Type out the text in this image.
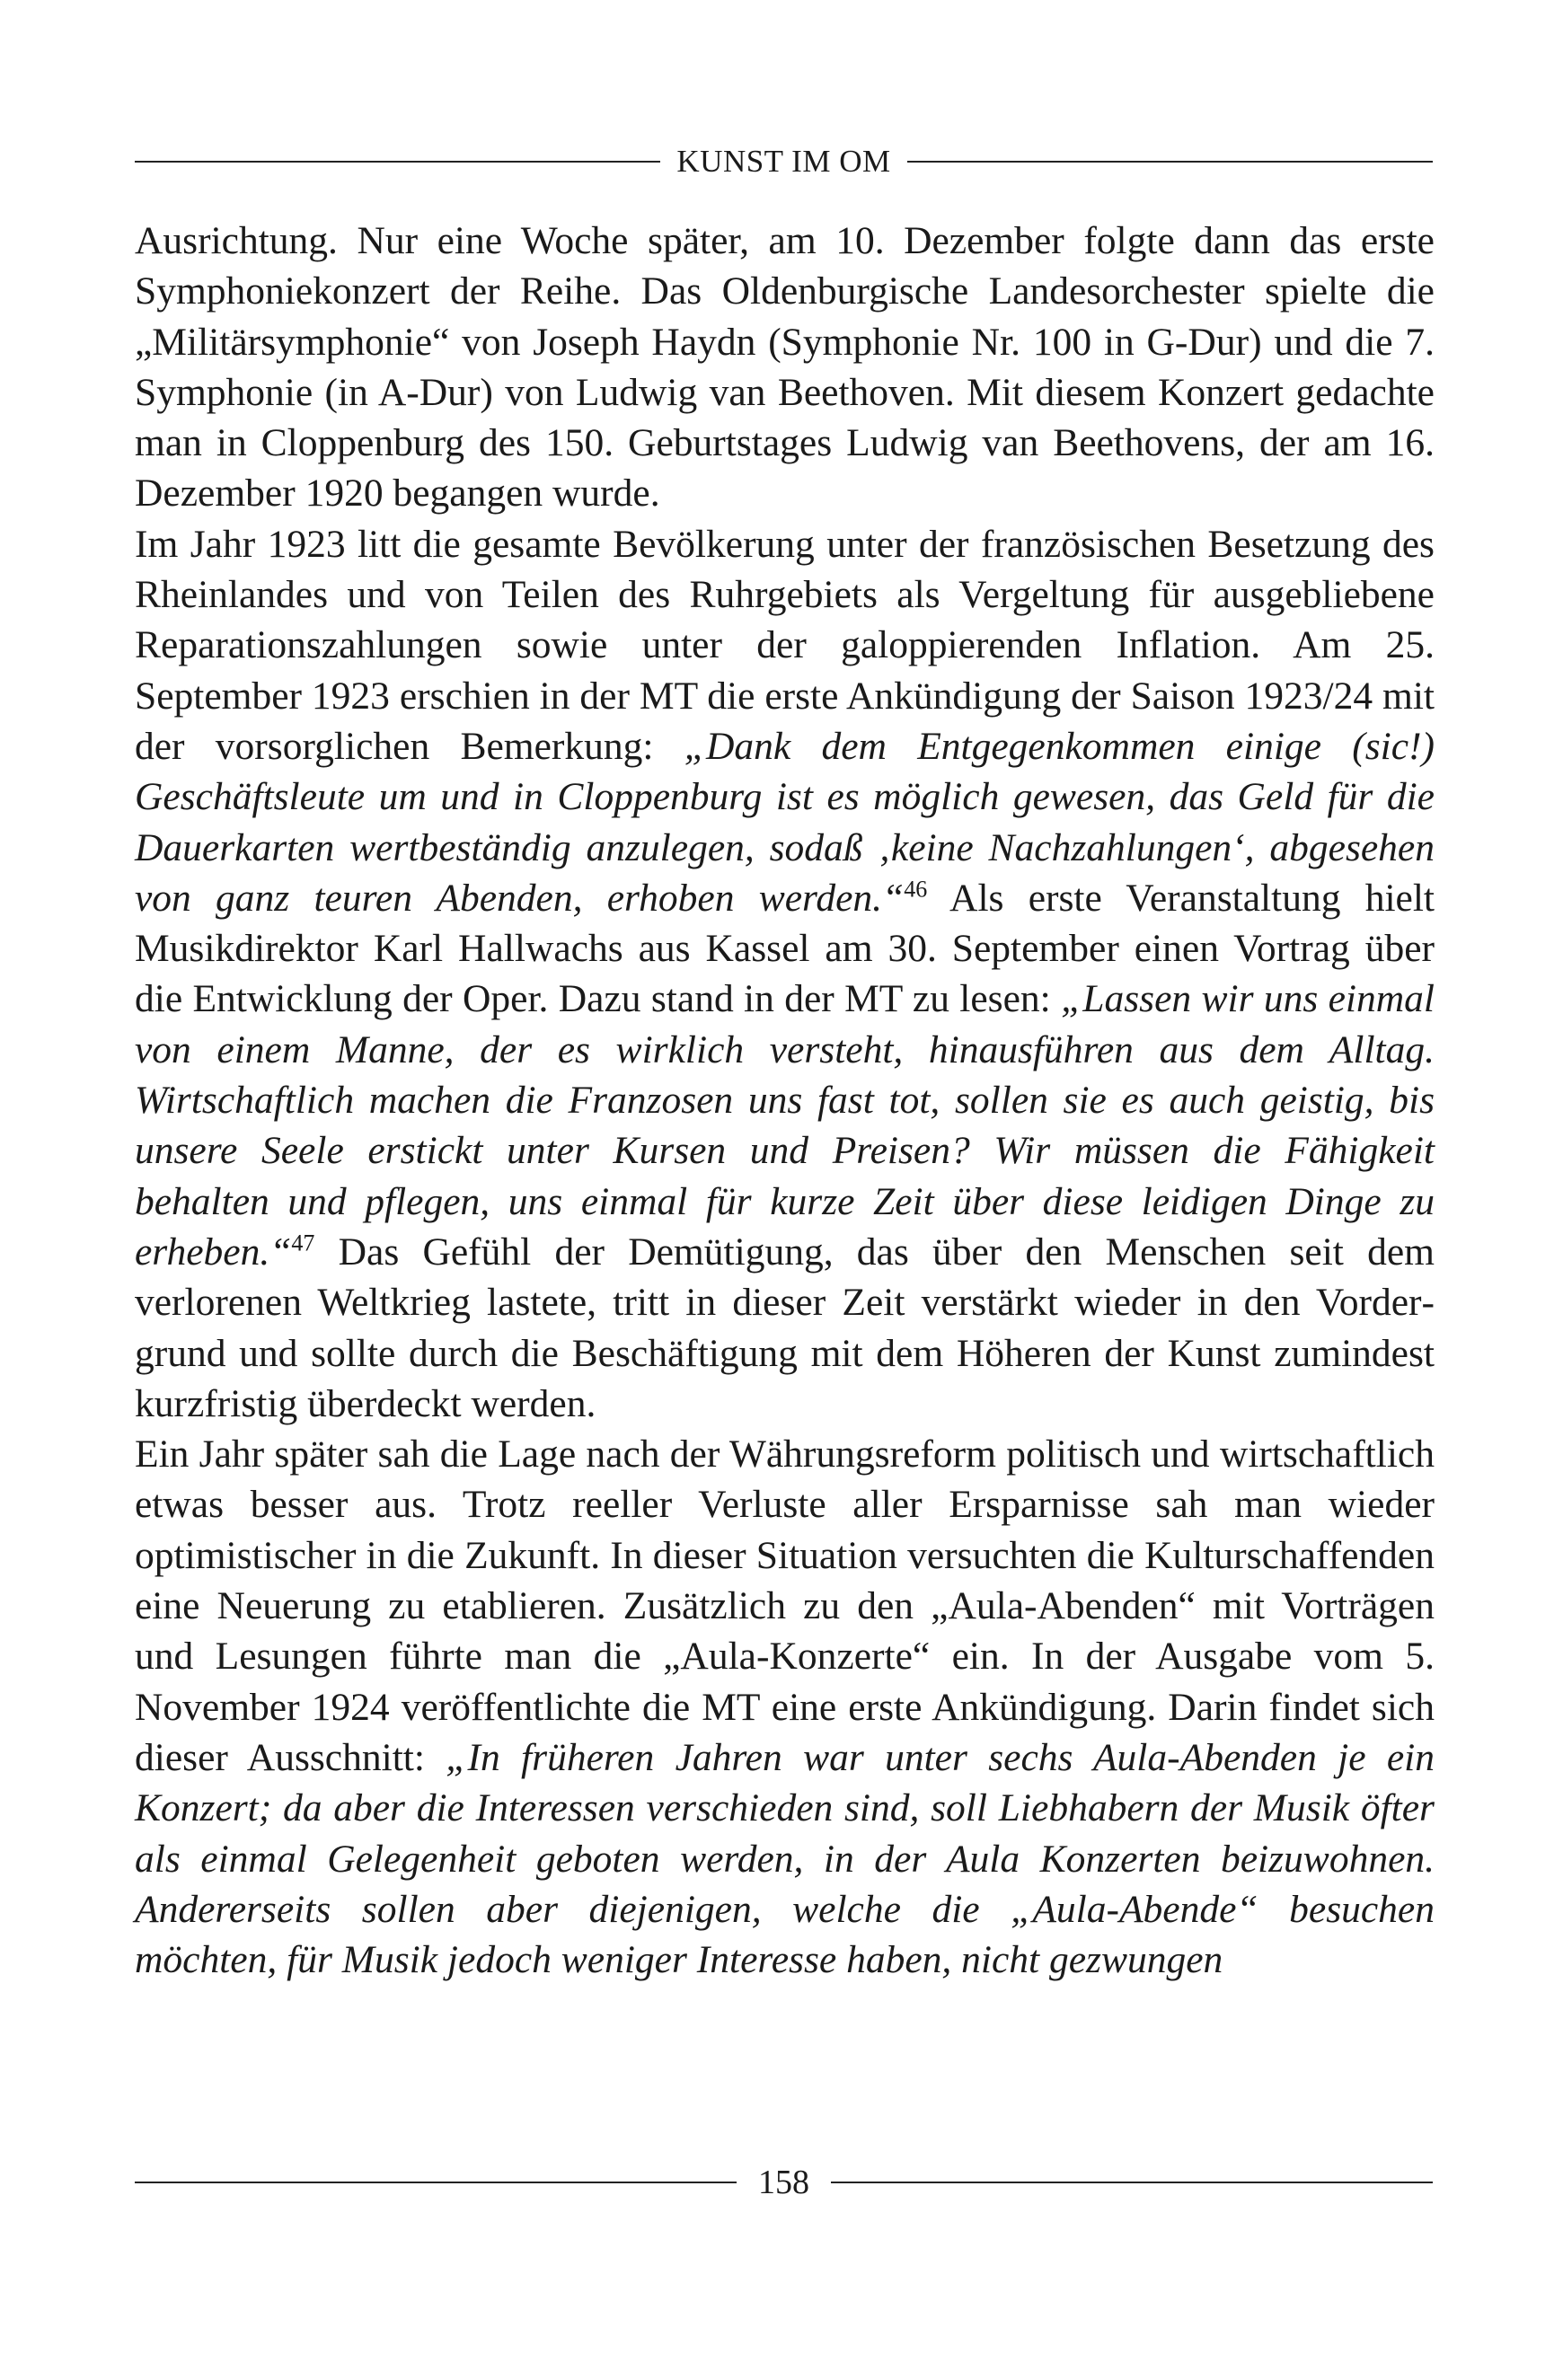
KUNST IM OM

Ausrichtung. Nur eine Woche später, am 10. Dezember folgte dann das erste Symphoniekonzert der Reihe. Das Oldenburgische Landesorchester spielte die „Militärsymphonie“ von Joseph Haydn (Symphonie Nr. 100 in G-Dur) und die 7. Symphonie (in A-Dur) von Ludwig van Beethoven. Mit diesem Konzert gedachte man in Cloppenburg des 150. Geburtstages Ludwig van Beethovens, der am 16. Dezember 1920 begangen wurde.

Im Jahr 1923 litt die gesamte Bevölkerung unter der französischen Besetzung des Rheinlandes und von Teilen des Ruhrgebiets als Vergeltung für ausgebliebene Reparationszahlungen sowie unter der galoppierenden Inflation. Am 25. September 1923 erschien in der MT die erste Ankündigung der Saison 1923/24 mit der vorsorglichen Bemerkung: „Dank dem Entgegenkommen einige (sic!) Geschäftsleute um und in Cloppenburg ist es möglich gewesen, das Geld für die Dauerkarten wertbeständig anzulegen, sodaß ‚keine Nachzahlungen‘, abgesehen von ganz teuren Abenden, erhoben werden.“$^{46}$ Als erste Veranstaltung hielt Musikdirektor Karl Hallwachs aus Kassel am 30. September einen Vortrag über die Entwicklung der Oper. Dazu stand in der MT zu lesen: „Lassen wir uns einmal von einem Manne, der es wirklich versteht, hinausführen aus dem Alltag. Wirtschaftlich machen die Franzosen uns fast tot, sollen sie es auch geistig, bis unsere Seele erstickt unter Kursen und Preisen? Wir müssen die Fähigkeit behalten und pflegen, uns einmal für kurze Zeit über diese leidigen Dinge zu erheben.“$^{47}$ Das Gefühl der Demütigung, das über den Menschen seit dem verlorenen Weltkrieg lastete, tritt in dieser Zeit verstärkt wieder in den Vordergrund und sollte durch die Beschäftigung mit dem Höheren der Kunst zumindest kurzfristig überdeckt werden.

Ein Jahr später sah die Lage nach der Währungsreform politisch und wirtschaftlich etwas besser aus. Trotz reeller Verluste aller Ersparnisse sah man wieder optimistischer in die Zukunft. In dieser Situation versuchten die Kulturschaffenden eine Neuerung zu etablieren. Zusätzlich zu den „Aula-Abenden“ mit Vorträgen und Lesungen führte man die „Aula-Konzerte“ ein. In der Ausgabe vom 5. November 1924 veröffentlichte die MT eine erste Ankündigung. Darin findet sich dieser Ausschnitt: „In früheren Jahren war unter sechs Aula-Abenden je ein Konzert; da aber die Interessen verschieden sind, soll Liebhabern der Musik öfter als einmal Gelegenheit geboten werden, in der Aula Konzerten beizuwohnen. Andererseits sollen aber diejenigen, welche die „Aula-Abende“ besuchen möchten, für Musik jedoch weniger Interesse haben, nicht gezwungen

158
